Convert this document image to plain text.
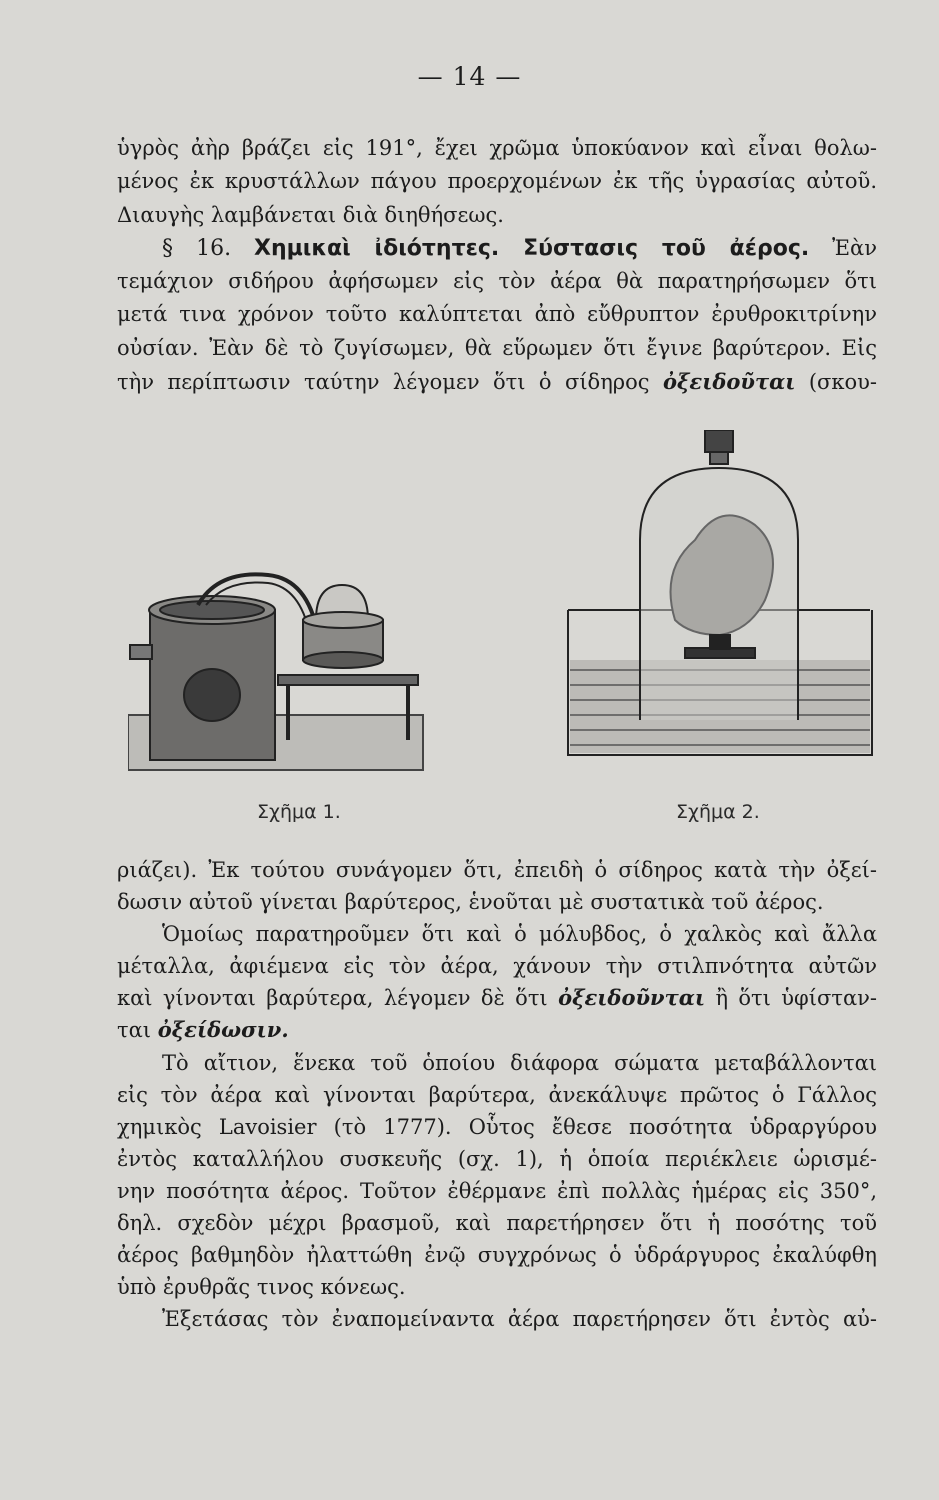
— 14 —

ὑγρὸς ἀὴρ βράζει εἰς 191°, ἔχει χρῶμα ὑποκύανον καὶ εἶναι θολω-

μένος ἐκ κρυστάλλων πάγου προερχομένων ἐκ τῆς ὑγρασίας αὐτοῦ.

Διαυγὴς λαμβάνεται διὰ διηθήσεως.

§ 16. Χημικαὶ ἰδιότητες. Σύστασις τοῦ ἀέρος. Ἐὰν

τεμάχιον σιδήρου ἀφήσωμεν εἰς τὸν ἀέρα θὰ παρατηρήσωμεν ὅτι

μετά τινα χρόνον τοῦτο καλύπτεται ἀπὸ εὔθρυπτον ἐρυθροκιτρίνην

οὐσίαν. Ἐὰν δὲ τὸ ζυγίσωμεν, θὰ εὕρωμεν ὅτι ἔγινε βαρύτερον. Εἰς

τὴν περίπτωσιν ταύτην λέγομεν ὅτι ὁ σίδηρος ὀξειδοῦται (σκου-

Σχῆμα 1.	Σχῆμα 2.

ριάζει). Ἐκ τούτου συνάγομεν ὅτι, ἐπειδὴ ὁ σίδηρος κατὰ τὴν ὀξεί-

δωσιν αὐτοῦ γίνεται βαρύτερος, ἑνοῦται μὲ συστατικὰ τοῦ ἀέρος.

Ὁμοίως παρατηροῦμεν ὅτι καὶ ὁ μόλυβδος, ὁ χαλκὸς καὶ ἄλλα

μέταλλα, ἀφιέμενα εἰς τὸν ἀέρα, χάνουν τὴν στιλπνότητα αὐτῶν

καὶ γίνονται βαρύτερα, λέγομεν δὲ ὅτι ὀξειδοῦνται ἢ ὅτι ὑφίσταν-

ται ὀξείδωσιν.

Τὸ αἴτιον, ἕνεκα τοῦ ὁποίου διάφορα σώματα μεταβάλλονται

εἰς τὸν ἀέρα καὶ γίνονται βαρύτερα, ἀνεκάλυψε πρῶτος ὁ Γάλλος

χημικὸς Lavoisier (τὸ 1777). Οὗτος ἔθεσε ποσότητα ὑδραργύρου

ἐντὸς καταλλήλου συσκευῆς (σχ. 1), ἡ ὁποία περιέκλειε ὡρισμέ-

νην ποσότητα ἀέρος. Τοῦτον ἐθέρμανε ἐπὶ πολλὰς ἡμέρας εἰς 350°,

δηλ. σχεδὸν μέχρι βρασμοῦ, καὶ παρετήρησεν ὅτι ἡ ποσότης τοῦ

ἀέρος βαθμηδὸν ἠλαττώθη ἐνῷ συγχρόνως ὁ ὑδράργυρος ἐκαλύφθη

ὑπὸ ἐρυθρᾶς τινος κόνεως.

Ἐξετάσας τὸν ἐναπομείναντα ἀέρα παρετήρησεν ὅτι ἐντὸς αὐ-
